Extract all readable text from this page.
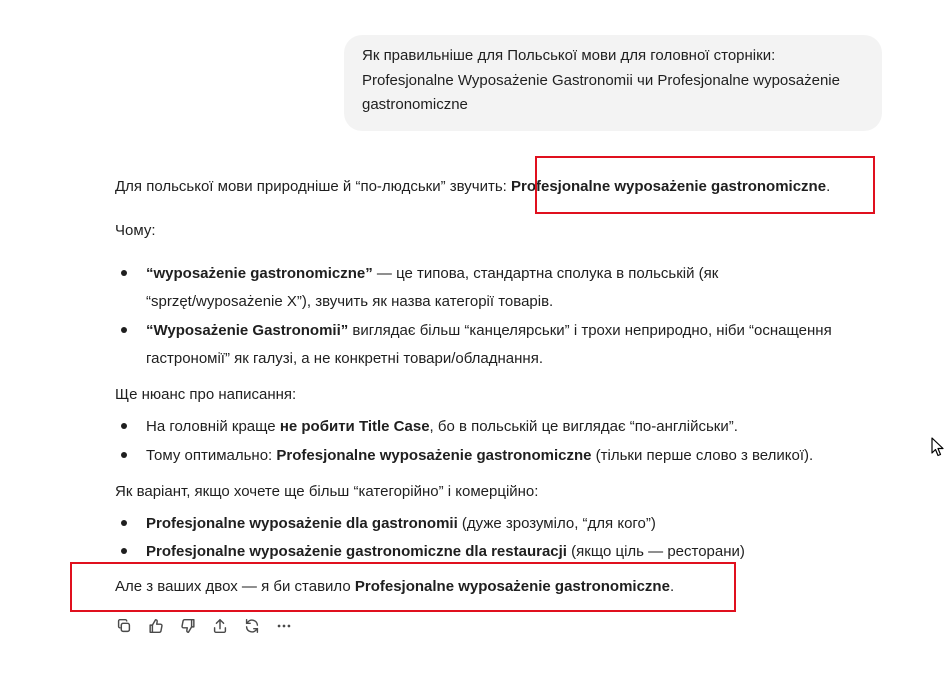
Як правильніше для Польської мови для головної сторніки:
Profesjonalne Wyposażenie Gastronomii чи Profesjonalne wyposażenie
gastronomiczne
Для польської мови природніше й “по-людськи” звучить: Profesjonalne wyposażenie gastronomiczne.
Чому:
“wyposażenie gastronomiczne” — це типова, стандартна сполука в польській (як
“sprzęt/wyposażenie X”), звучить як назва категорії товарів.
“Wyposażenie Gastronomii” виглядає більш “канцелярськи” і трохи неприродно, ніби “оснащення
гастрономії” як галузі, а не конкретні товари/обладнання.
Ще нюанс про написання:
На головній краще не робити Title Case, бо в польській це виглядає “по-англійськи”.
Тому оптимально: Profesjonalne wyposażenie gastronomiczne (тільки перше слово з великої).
Як варіант, якщо хочете ще більш “категорійно” і комерційно:
Profesjonalne wyposażenie dla gastronomii (дуже зрозуміло, “для кого”)
Profesjonalne wyposażenie gastronomiczne dla restauracji (якщо ціль — ресторани)
Але з ваших двох — я би ставило Profesjonalne wyposażenie gastronomiczne.
